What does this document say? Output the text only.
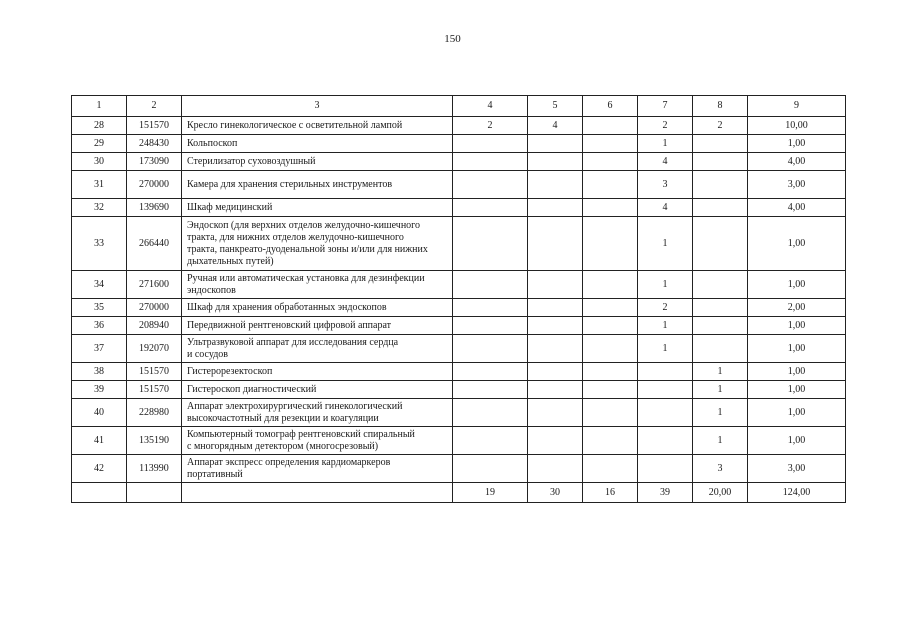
150
1	2	3	4	5	6	7	8	9
28	151570	Кресло гинекологическое с осветительной лампой	2	4		2	2	10,00
29	248430	Кольпоскоп				1		1,00
30	173090	Стерилизатор суховоздушный				4		4,00
31	270000	Камера для хранения стерильных инструментов				3		3,00
32	139690	Шкаф медицинский				4		4,00
33	266440	Эндоскоп (для верхних отделов желудочно-кишечного
тракта, для нижних отделов желудочно-кишечного
тракта, панкреато-дуоденальной зоны и/или для нижних
дыхательных путей)				1		1,00
34	271600	Ручная или автоматическая установка для дезинфекции
эндоскопов				1		1,00
35	270000	Шкаф для хранения обработанных эндоскопов				2		2,00
36	208940	Передвижной рентгеновский цифровой аппарат				1		1,00
37	192070	Ультразвуковой аппарат для исследования сердца
и сосудов				1		1,00
38	151570	Гистерорезектоскоп					1	1,00
39	151570	Гистероскоп диагностический					1	1,00
40	228980	Аппарат электрохирургический гинекологический
высокочастотный для резекции и коагуляции					1	1,00
41	135190	Компьютерный томограф рентгеновский спиральный
с многорядным детектором (многосрезовый)					1	1,00
42	113990	Аппарат экспресс определения кардиомаркеров
портативный					3	3,00
			19	30	16	39	20,00	124,00
